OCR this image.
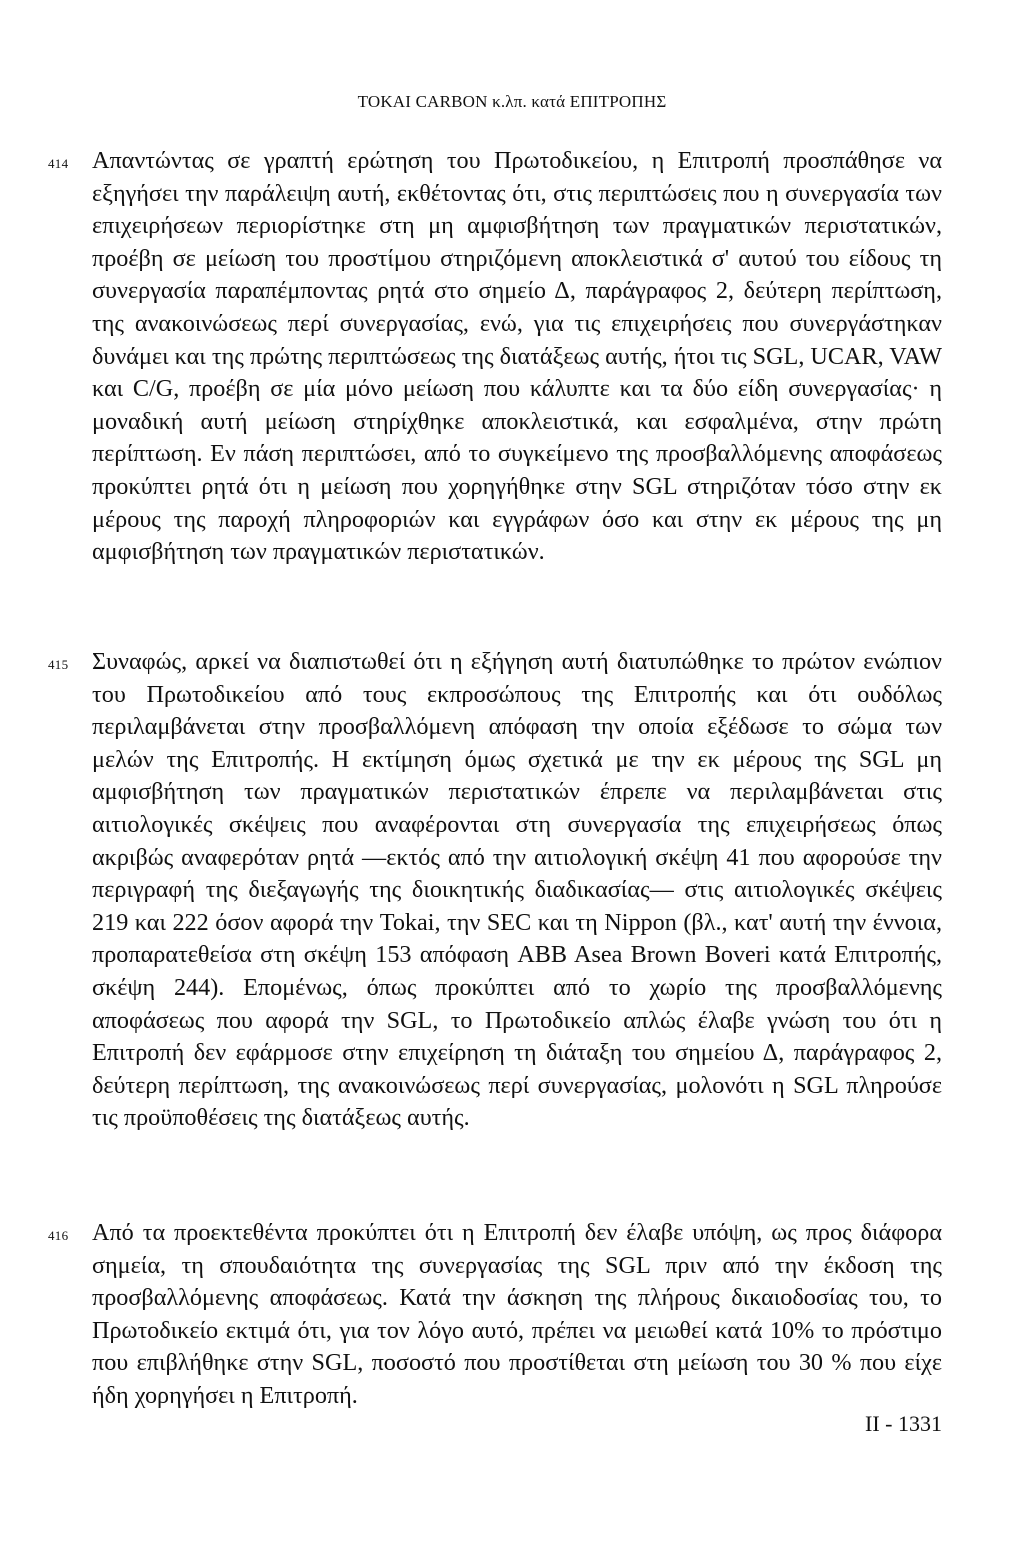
TOKAI CARBON κ.λπ. κατά ΕΠΙΤΡΟΠΗΣ
414 Απαντώντας σε γραπτή ερώτηση του Πρωτοδικείου, η Επιτροπή προσπάθησε να εξηγήσει την παράλειψη αυτή, εκθέτοντας ότι, στις περιπτώσεις που η συνεργασία των επιχειρήσεων περιορίστηκε στη μη αμφισβήτηση των πραγματικών περιστατικών, προέβη σε μείωση του προστίμου στηριζόμενη αποκλειστικά σ' αυτού του είδους τη συνεργασία παραπέμποντας ρητά στο σημείο Δ, παράγραφος 2, δεύτερη περίπτωση, της ανακοινώσεως περί συνεργασίας, ενώ, για τις επιχειρήσεις που συνεργάστηκαν δυνάμει και της πρώτης περιπτώσεως της διατάξεως αυτής, ήτοι τις SGL, UCAR, VAW και C/G, προέβη σε μία μόνο μείωση που κάλυπτε και τα δύο είδη συνεργασίας· η μοναδική αυτή μείωση στηρίχθηκε αποκλειστικά, και εσφαλμένα, στην πρώτη περίπτωση. Εν πάση περιπτώσει, από το συγκείμενο της προσβαλλόμενης αποφάσεως προκύπτει ρητά ότι η μείωση που χορηγήθηκε στην SGL στηριζόταν τόσο στην εκ μέρους της παροχή πληροφοριών και εγγράφων όσο και στην εκ μέρους της μη αμφισβήτηση των πραγματικών περιστατικών.
415 Συναφώς, αρκεί να διαπιστωθεί ότι η εξήγηση αυτή διατυπώθηκε το πρώτον ενώπιον του Πρωτοδικείου από τους εκπροσώπους της Επιτροπής και ότι ουδόλως περιλαμβάνεται στην προσβαλλόμενη απόφαση την οποία εξέδωσε το σώμα των μελών της Επιτροπής. Η εκτίμηση όμως σχετικά με την εκ μέρους της SGL μη αμφισβήτηση των πραγματικών περιστατικών έπρεπε να περιλαμβάνεται στις αιτιολογικές σκέψεις που αναφέρονται στη συνεργασία της επιχειρήσεως όπως ακριβώς αναφερόταν ρητά —εκτός από την αιτιολογική σκέψη 41 που αφορούσε την περιγραφή της διεξαγωγής της διοικητικής διαδικασίας— στις αιτιολογικές σκέψεις 219 και 222 όσον αφορά την Tokai, την SEC και τη Nippon (βλ., κατ' αυτή την έννοια, προπαρατεθείσα στη σκέψη 153 απόφαση ABB Asea Brown Boveri κατά Επιτροπής, σκέψη 244). Επομένως, όπως προκύπτει από το χωρίο της προσβαλλόμενης αποφάσεως που αφορά την SGL, το Πρωτοδικείο απλώς έλαβε γνώση του ότι η Επιτροπή δεν εφάρμοσε στην επιχείρηση τη διάταξη του σημείου Δ, παράγραφος 2, δεύτερη περίπτωση, της ανακοινώσεως περί συνεργασίας, μολονότι η SGL πληρούσε τις προϋποθέσεις της διατάξεως αυτής.
416 Από τα προεκτεθέντα προκύπτει ότι η Επιτροπή δεν έλαβε υπόψη, ως προς διάφορα σημεία, τη σπουδαιότητα της συνεργασίας της SGL πριν από την έκδοση της προσβαλλόμενης αποφάσεως. Κατά την άσκηση της πλήρους δικαιοδοσίας του, το Πρωτοδικείο εκτιμά ότι, για τον λόγο αυτό, πρέπει να μειωθεί κατά 10% το πρόστιμο που επιβλήθηκε στην SGL, ποσοστό που προστίθεται στη μείωση του 30 % που είχε ήδη χορηγήσει η Επιτροπή.
II - 1331
